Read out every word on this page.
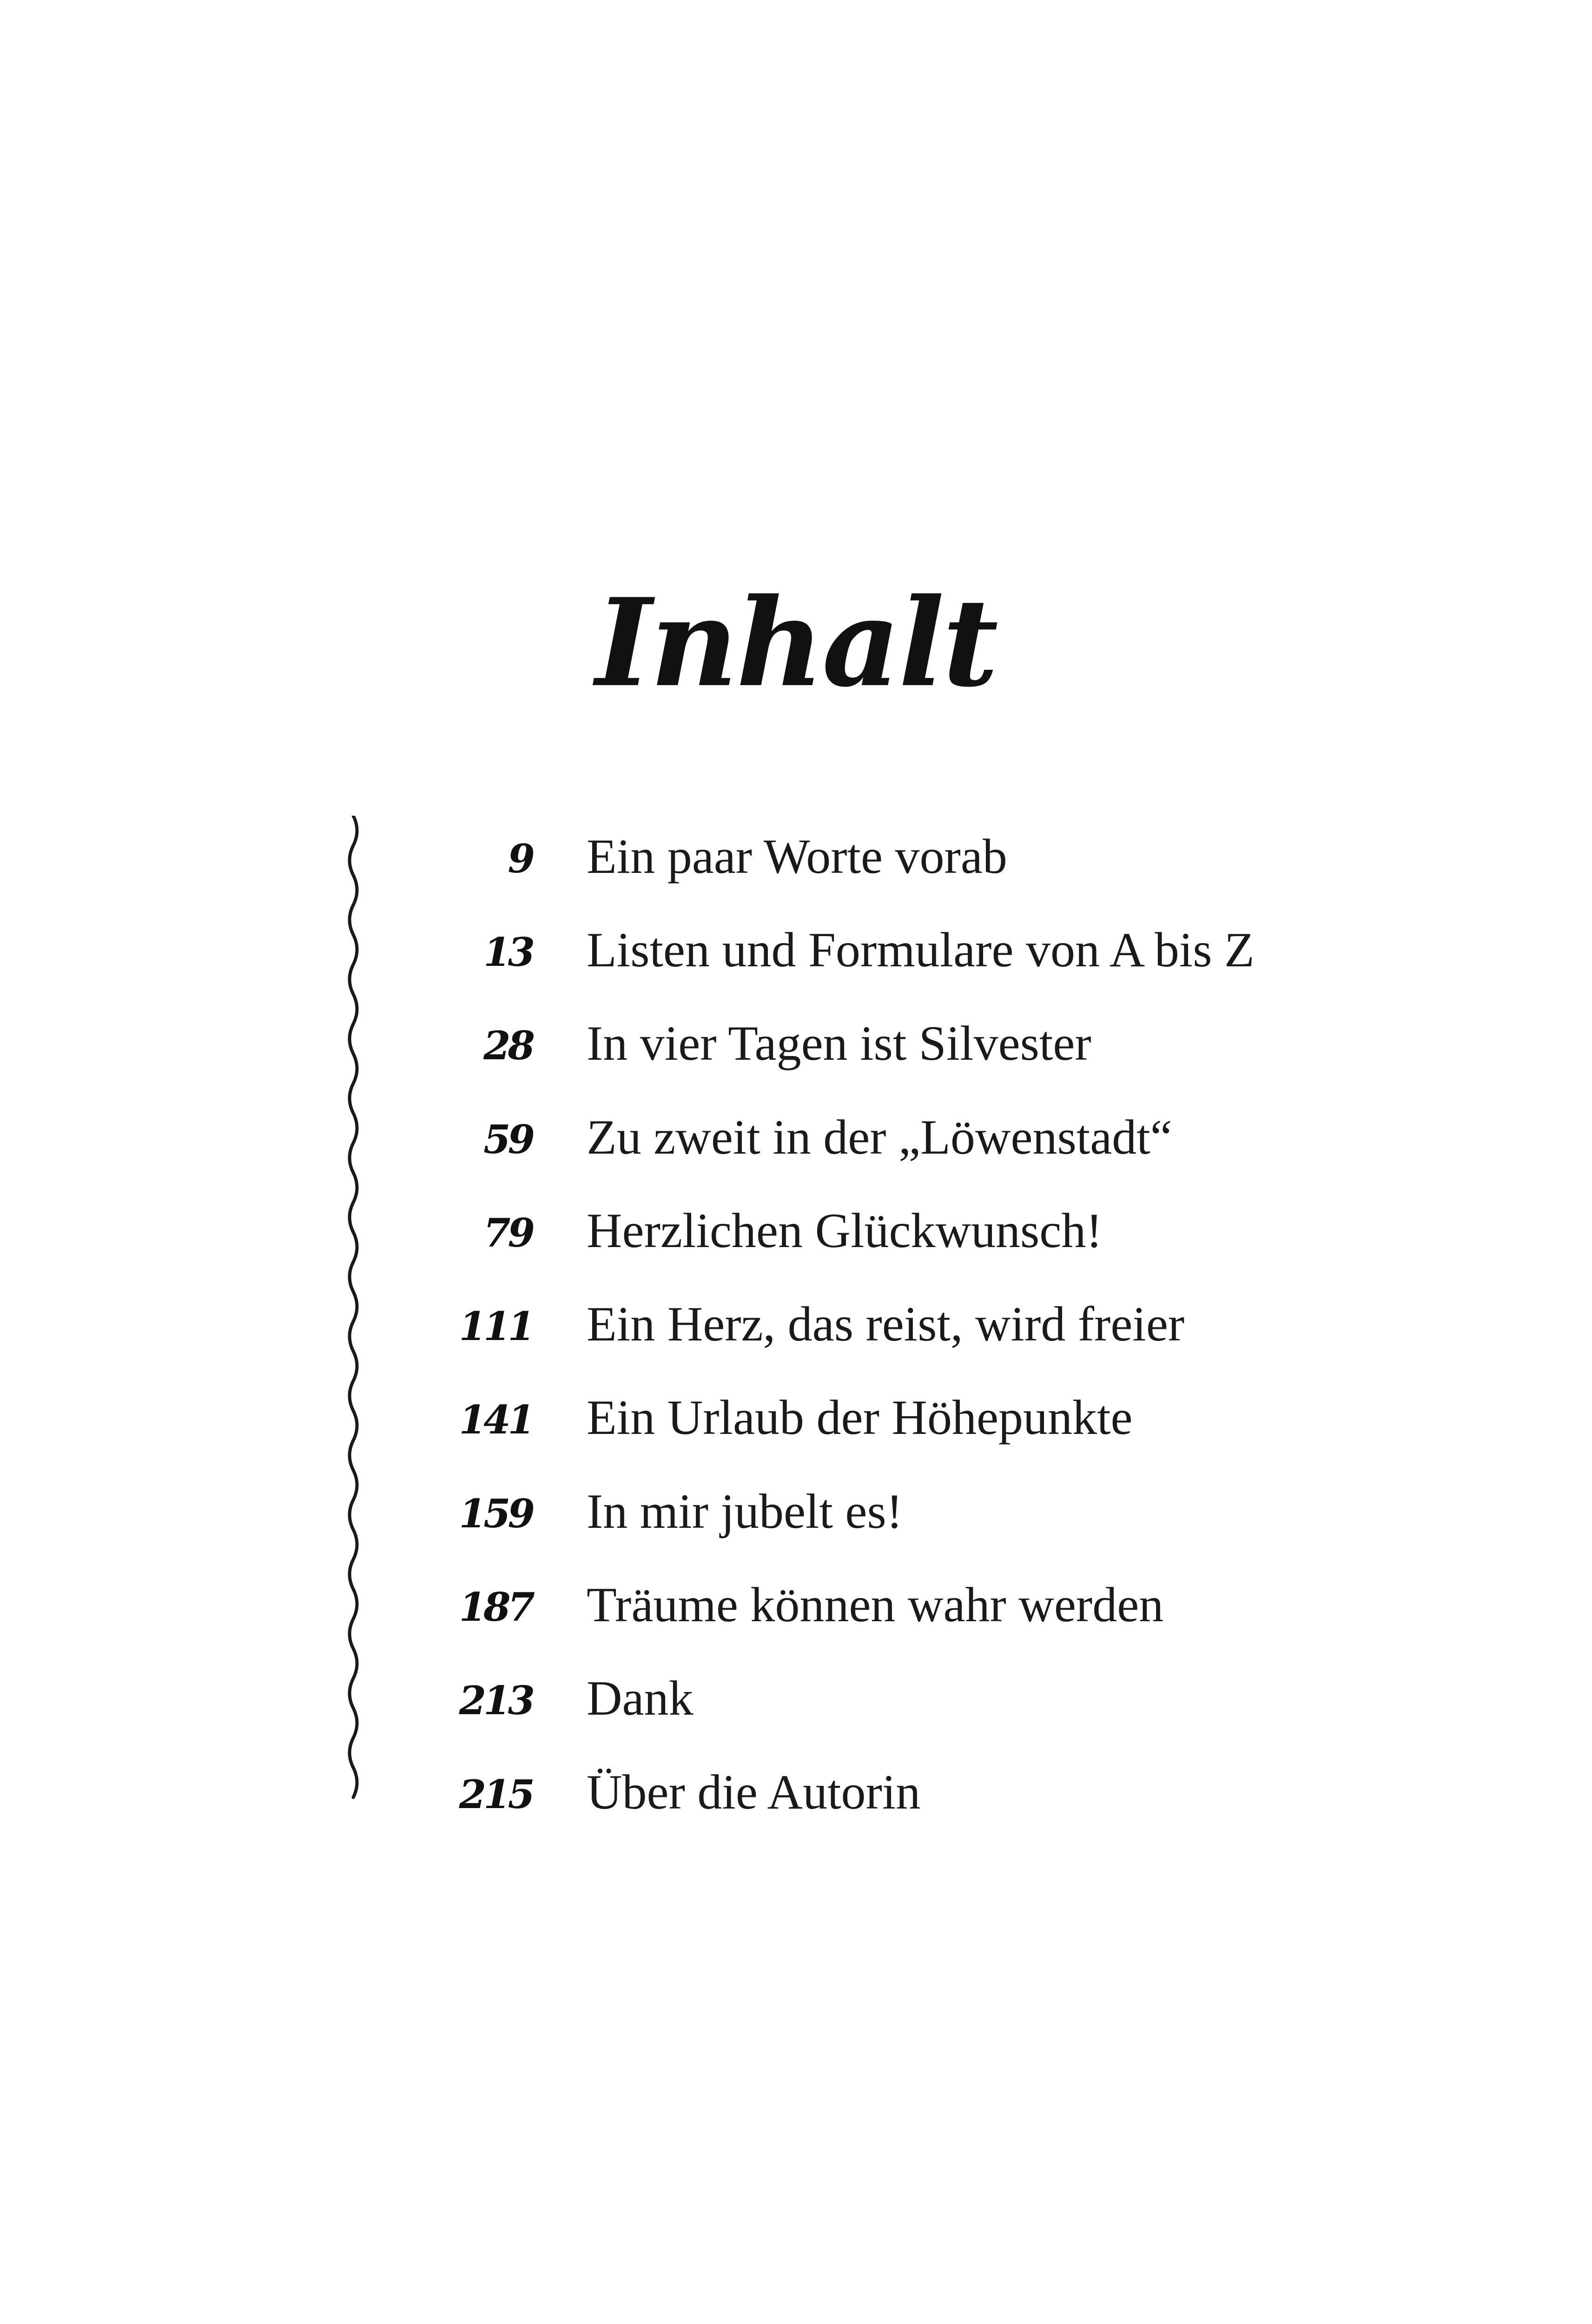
Inhalt
9 Ein paar Worte vorab
13 Listen und Formulare von A bis Z
28 In vier Tagen ist Silvester
59 Zu zweit in der „Löwenstadt“
79 Herzlichen Glückwunsch!
111 Ein Herz, das reist, wird freier
141 Ein Urlaub der Höhepunkte
159 In mir jubelt es!
187 Träume können wahr werden
213 Dank
215 Über die Autorin
